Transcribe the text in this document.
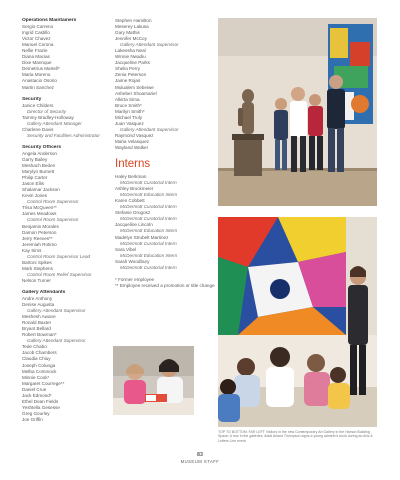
Operations Maintainers
Sergio Carreno
Ingrid Castillo
Victor Chavez
Manuel Corona
Nellie Frazie
Diana Macias
Dixe Manrique
Demetrius Martell*
Maria Moreno
Anastacio Osorio
Martin Sanchez
Security
Janice Childers
Director of Security
Tammy Bradley-Holloway
Gallery Attendant Manager
Charlene Davis
Security and Facilities Administrator
Security Officers
Angela Anderson
Garry Bailey
Meshach Beden
Marylyn Burnett
Philip Carter
Jason Ellis
Shalamar Jackson
Kevin Jones
Control Room Supervisor
Trisa McQueen**
James Meadows
Control Room Supervisor
Benjamin Morales
Damon Peterson
Jerry Reeves**
Jeremiah Rotimo
Kay Sims
Control Room Supervisor Lead
Bartoni Spikes
Mark Stephens
Control Room Relief Supervisor
Nelson Turner
Gallery Attendants
Andre Anthony
Denise Augusta
Gallery Attendant Supervisor
Meshesh Awane
Ronald Baxter
Bryant Bellard
Robert Bowman*
Gallery Attendant Supervisor
Tede Chabo
Jacob Chambers
Claudia Chiuy
Joseph Colunga
Melba Commock
Minnie Cook*
Margaret Courrege**
Daniel Crue
Jack Edmond*
Ethel Dean Fields
Yeshtella Gesesse
Greg Gourley
Joe Griffin
Stephen Hamilton
Meserey Lakusa
Gary Mathis
Jennifer McCoy
Gallery Attendant Supervisor
Lakeesha Neal
Winnie Nwadiu
Jacqueline Parks
Shelia Perry
Zenia Peterson
Jaime Rojas
Mulualem Sebeiwe
Asheber Shoamariel
Alkirta Sima
Bruce Smith*
Marilyn Smith*
Michael Truly
Juan Vasquez
Gallery Attendant Supervisor
Raymond Vasquez
Maria Velasquez
Wayland Walker
Interns
Haley Berkman
McDermott Curatorial Intern
Ashley Bruckmeier
McDermott Education Intern
Karen Cobbett
McDermott Curatorial Intern
Stefanie Drugosz
McDermott Curatorial Intern
Jacqueline Lincoln
McDermott Education Intern
Madelyn Strubelt Martinez
McDermott Curatorial Intern
Sara Vibel
McDermott Education Intern
Sarah Woodbury
McDermott Curatorial Intern
* Former employee
** Employee received a promotion or title change
TOP TO BOTTOM: FAR LEFT Visitors in the new Contemporary Art Gallery in the Hamon Building Space; A tour in the galleries; Adult Ariana Thompson signs a young admirer's book during an Arts & Letters Live event
83
MUSEUM STAFF
